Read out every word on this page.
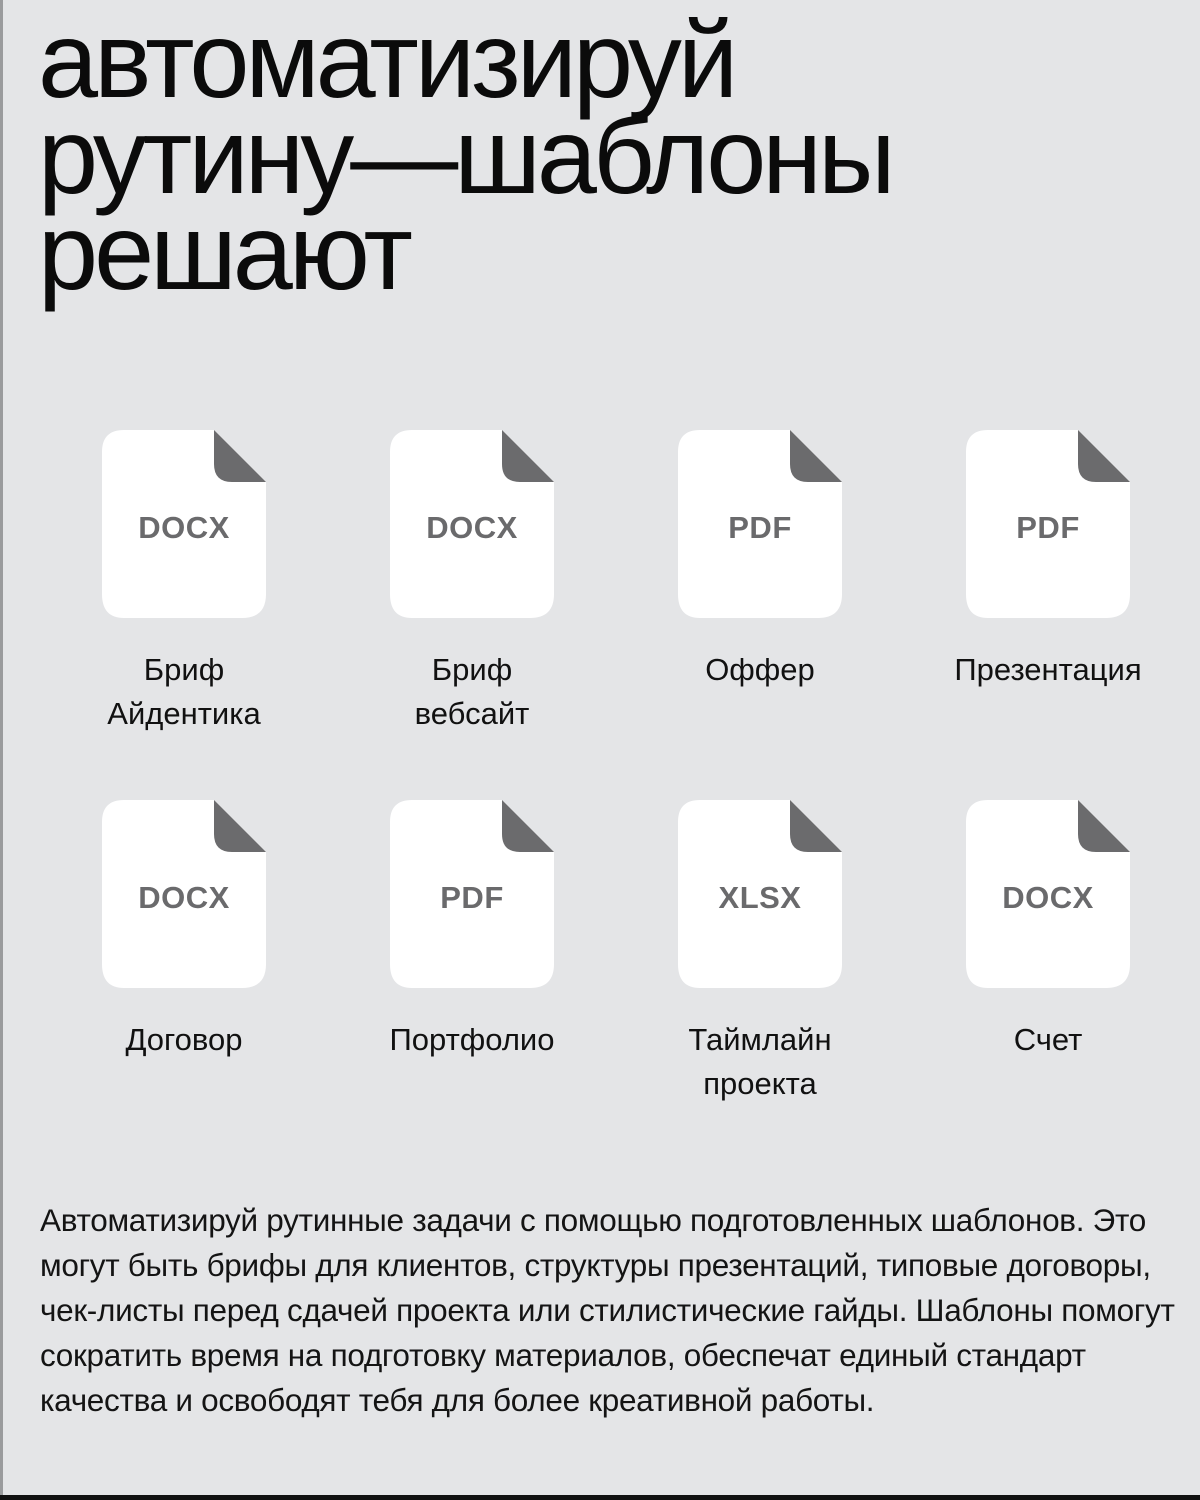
автоматизируй
рутину—шаблоны
решают
DOCX
Бриф
Айдентика
DOCX
Бриф
вебсайт
PDF
Оффер
PDF
Презентация
DOCX
Договор
PDF
Портфолио
XLSX
Таймлайн
проекта
DOCX
Счет

Автоматизируй рутинные задачи с помощью подготовленных шаблонов. Это могут быть брифы для клиентов, структуры презентаций, типовые договоры, чек-листы перед сдачей проекта или стилистические гайды. Шаблоны помогут сократить время на подготовку материалов, обеспечат единый стандарт качества и освободят тебя для более креативной работы.
